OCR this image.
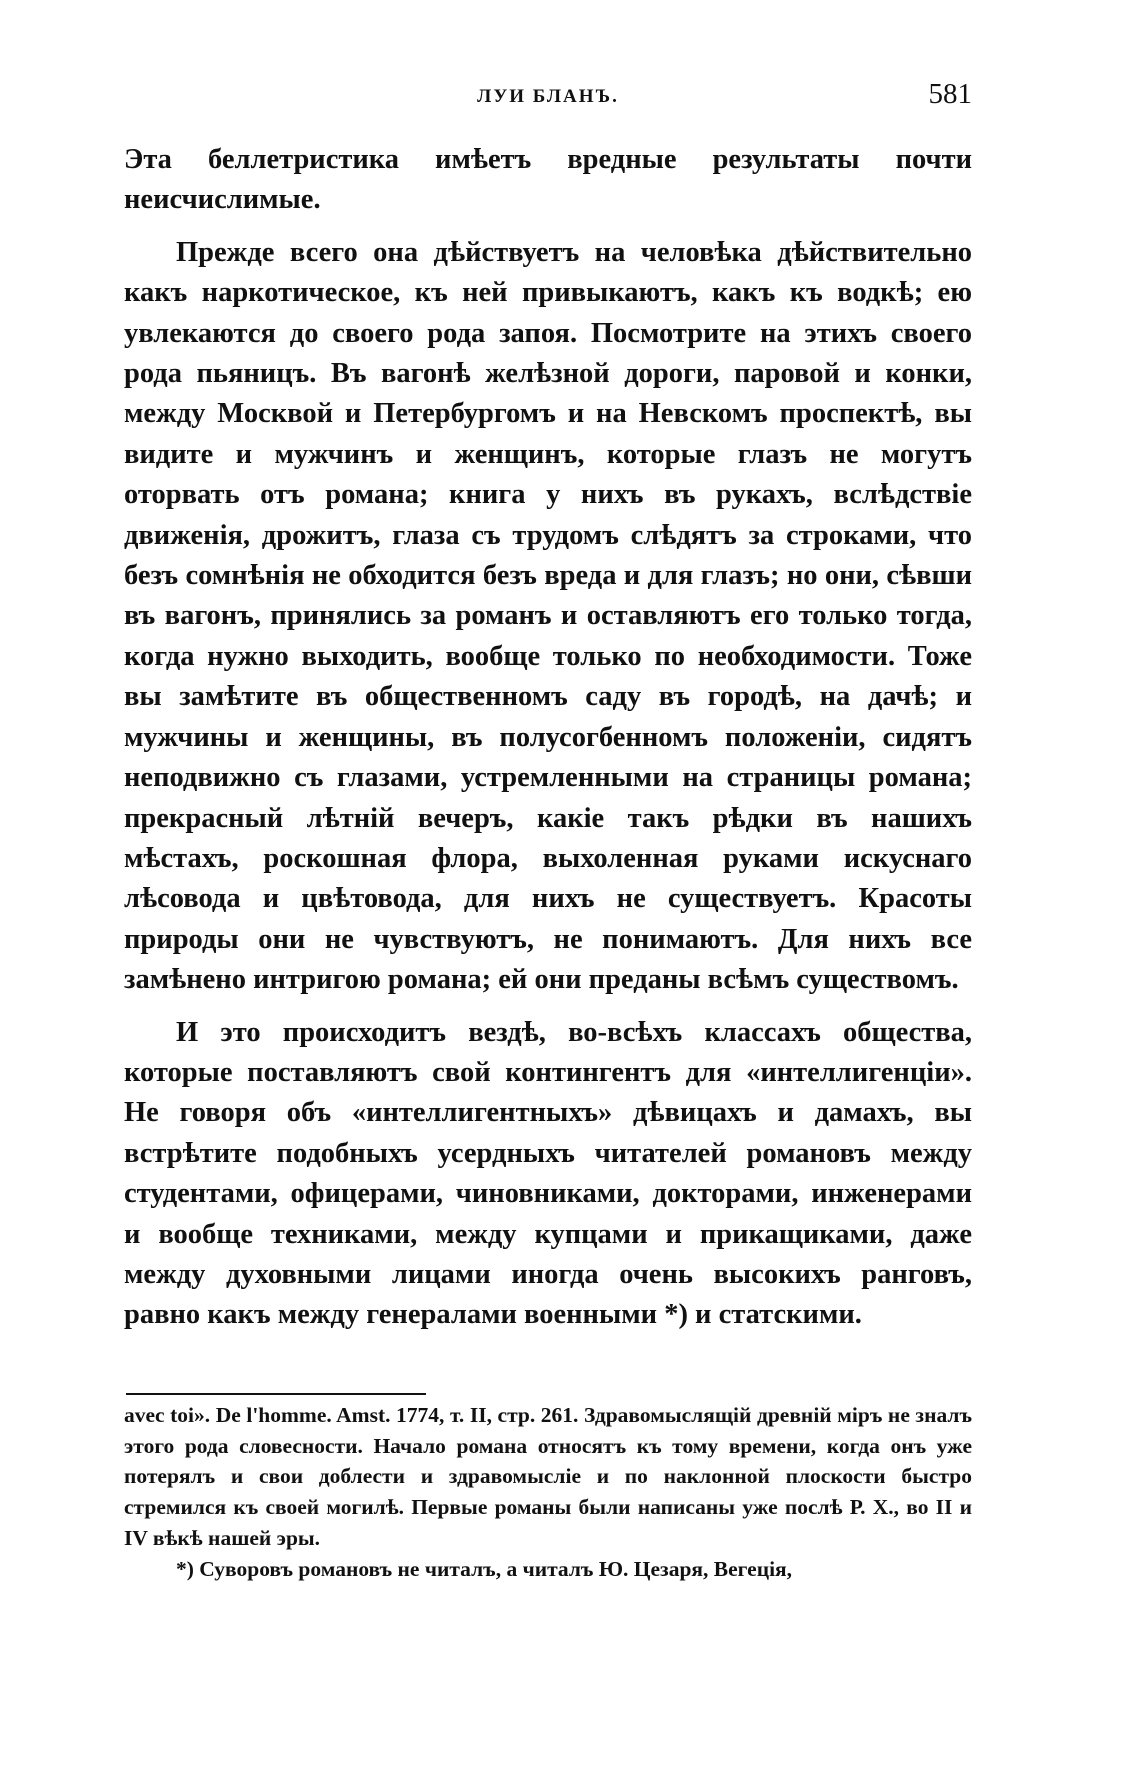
ЛУИ БЛАНЪ.	581

Эта беллетристика имѣетъ вредные результаты почти неисчислимые.

Прежде всего она дѣйствуетъ на человѣка дѣйствительно какъ наркотическое, къ ней привыкаютъ, какъ къ водкѣ; ею увлекаются до своего рода запоя. Посмотрите на этихъ своего рода пьяницъ. Въ вагонѣ желѣзной дороги, паровой и конки, между Москвой и Петербургомъ и на Невскомъ проспектѣ, вы видите и мужчинъ и женщинъ, которые глазъ не могутъ оторвать отъ романа; книга у нихъ въ рукахъ, вслѣдствіе движенія, дрожитъ, глаза съ трудомъ слѣдятъ за строками, что безъ сомнѣнія не обходится безъ вреда и для глазъ; но они, сѣвши въ вагонъ, принялись за романъ и оставляютъ его только тогда, когда нужно выходить, вообще только по необходимости. Тоже вы замѣтите въ общественномъ саду въ городѣ, на дачѣ; и мужчины и женщины, въ полусогбенномъ положеніи, сидятъ неподвижно съ глазами, устремленными на страницы романа; прекрасный лѣтній вечеръ, какіе такъ рѣдки въ нашихъ мѣстахъ, роскошная флора, выхоленная руками искуснаго лѣсовода и цвѣтовода, для нихъ не существуетъ. Красоты природы они не чувствуютъ, не понимаютъ. Для нихъ все замѣнено интригою романа; ей они преданы всѣмъ существомъ.

И это происходитъ вездѣ, во-всѣхъ классахъ общества, которые поставляютъ свой контингентъ для «интеллигенціи». Не говоря объ «интеллигентныхъ» дѣвицахъ и дамахъ, вы встрѣтите подобныхъ усердныхъ читателей романовъ между студентами, офицерами, чиновниками, докторами, инженерами и вообще техниками, между купцами и прикащиками, даже между духовными лицами иногда очень высокихъ ранговъ, равно какъ между генералами военными *) и статскими.

avec toi». De l'homme. Amst. 1774, т. II, стр. 261. Здравомыслящій древній міръ не зналъ этого рода словесности. Начало романа относятъ къ тому времени, когда онъ уже потерялъ и свои доблести и здравомысліе и по наклонной плоскости быстро стремился къ своей могилѣ. Первые романы были написаны уже послѣ Р. Х., во II и IV вѣкѣ нашей эры.

*) Суворовъ романовъ не читалъ, а читалъ Ю. Цезаря, Вегеція,
